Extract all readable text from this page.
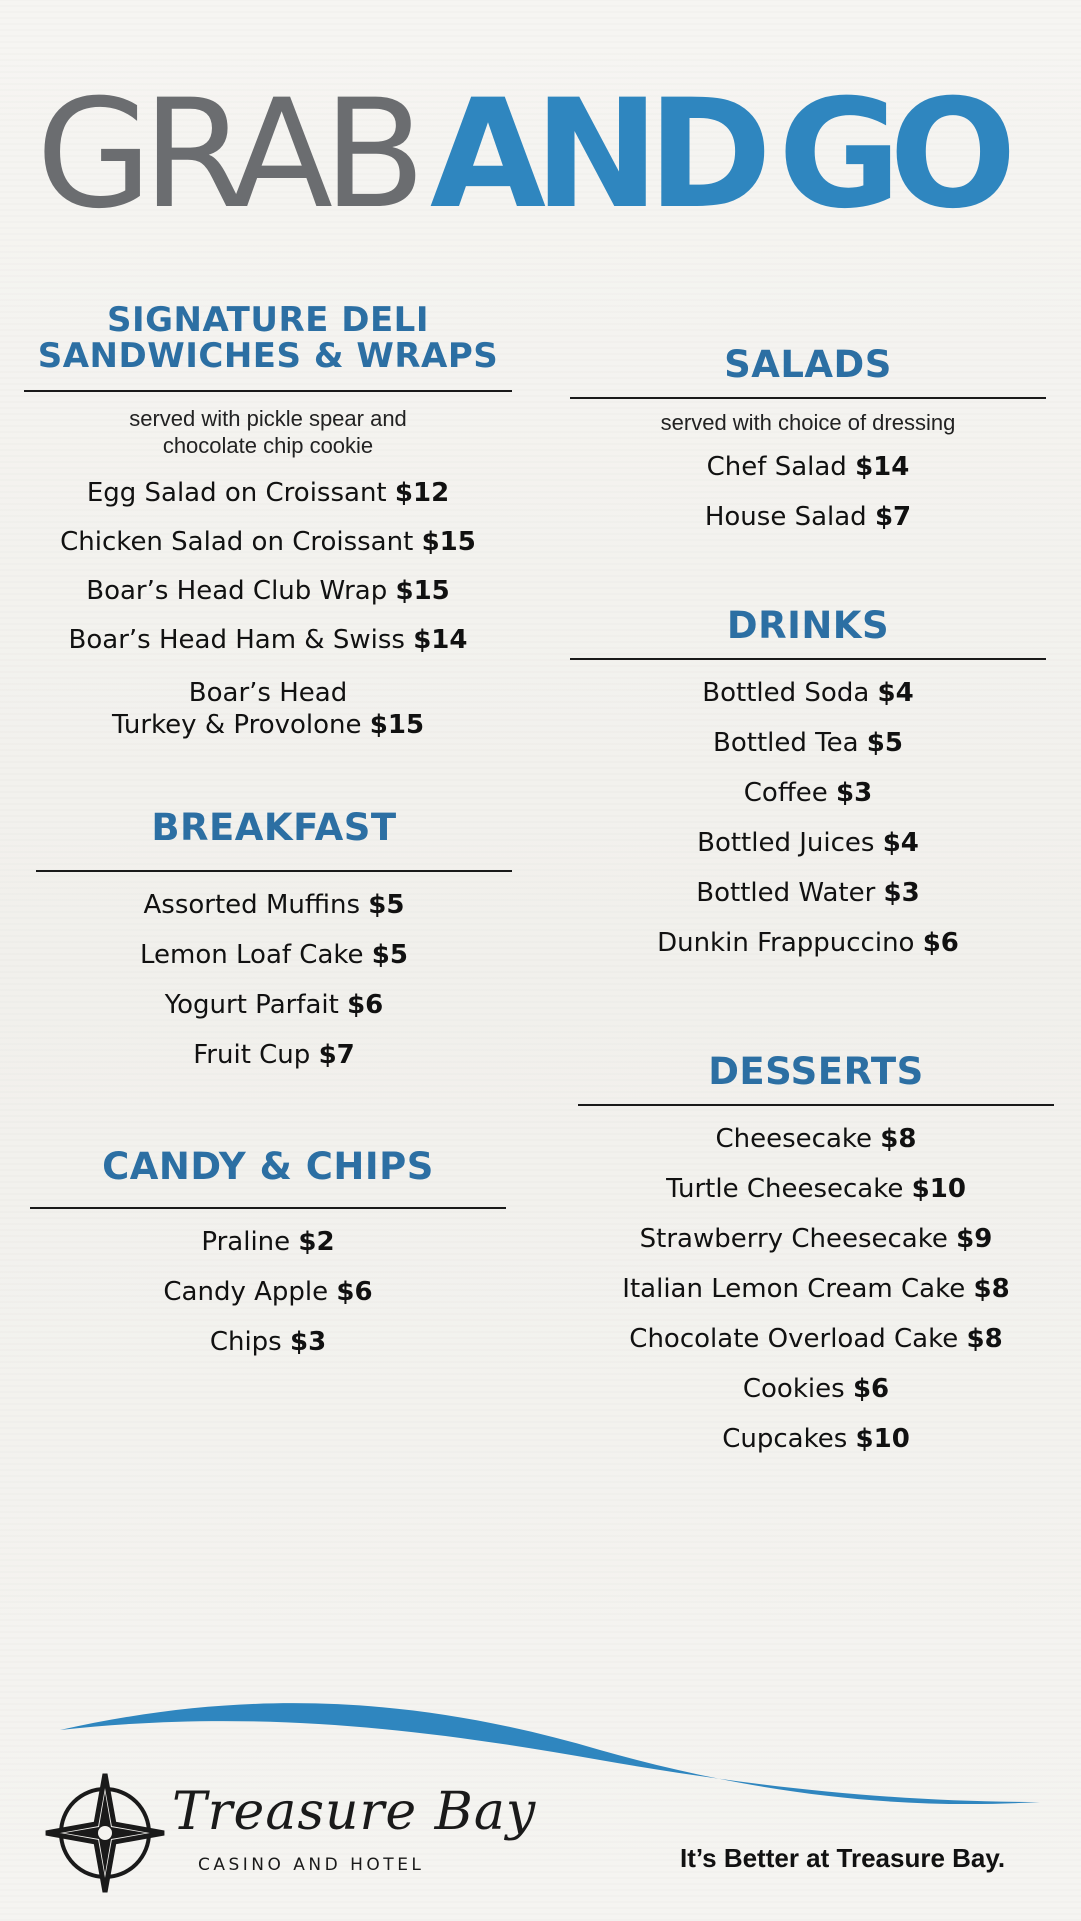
GRABAND GO
SIGNATURE DELI
SANDWICHES & WRAPS
served with pickle spear and
chocolate chip cookie
Egg Salad on Croissant $12
Chicken Salad on Croissant $15
Boar’s Head Club Wrap $15
Boar’s Head Ham & Swiss $14
Boar’s Head
Turkey & Provolone $15
BREAKFAST
Assorted Muffins $5
Lemon Loaf Cake $5
Yogurt Parfait $6
Fruit Cup $7
CANDY & CHIPS
Praline $2
Candy Apple $6
Chips $3
SALADS
served with choice of dressing
Chef Salad $14
House Salad $7
DRINKS
Bottled Soda $4
Bottled Tea $5
Coffee $3
Bottled Juices $4
Bottled Water $3
Dunkin Frappuccino $6
DESSERTS
Cheesecake $8
Turtle Cheesecake $10
Strawberry Cheesecake $9
Italian Lemon Cream Cake $8
Chocolate Overload Cake $8
Cookies $6
Cupcakes $10
Treasure Bay
CASINO AND HOTEL	It’s Better at Treasure Bay.
